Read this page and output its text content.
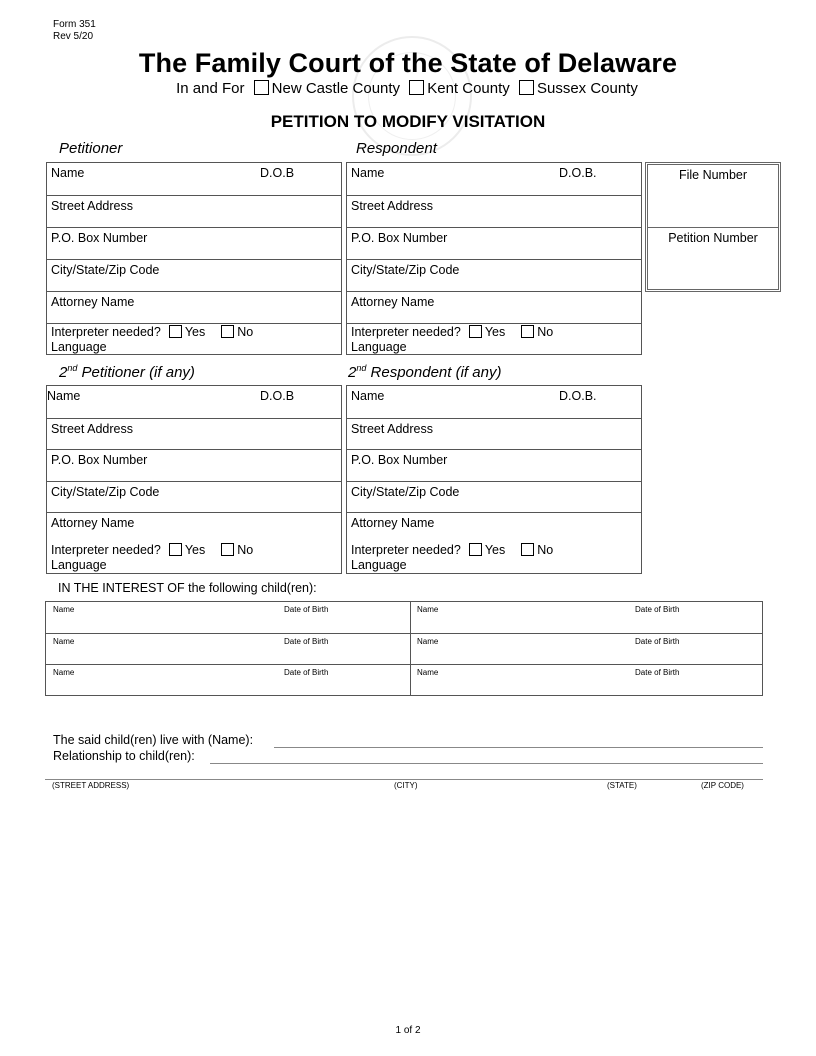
Form 351
Rev 5/20
The Family Court of the State of Delaware
In and For New Castle County Kent County Sussex County
PETITION TO MODIFY VISITATION
Petitioner	Respondent
Name	D.O.B
Street Address
P.O. Box Number
City/State/Zip Code
Attorney Name
Interpreter needed? Yes	No
Language
Name	D.O.B.
Street Address
P.O. Box Number
City/State/Zip Code
Attorney Name
Interpreter needed? Yes	No
Language
File Number
Petition Number
2nd Petitioner (if any)	2nd Respondent (if any)
Name	D.O.B
Street Address
P.O. Box Number
City/State/Zip Code
Attorney Name
Interpreter needed? Yes	No
Language
Name	D.O.B.
Street Address
P.O. Box Number
City/State/Zip Code
Attorney Name
Interpreter needed? Yes	No
Language
IN THE INTEREST OF the following child(ren):
Name	Date of Birth	Name	Date of Birth
Name	Date of Birth	Name	Date of Birth
Name	Date of Birth	Name	Date of Birth
The said child(ren) live with (Name):
Relationship to child(ren):
(STREET ADDRESS)	(CITY)	(STATE)	(ZIP CODE)
1 of 2
